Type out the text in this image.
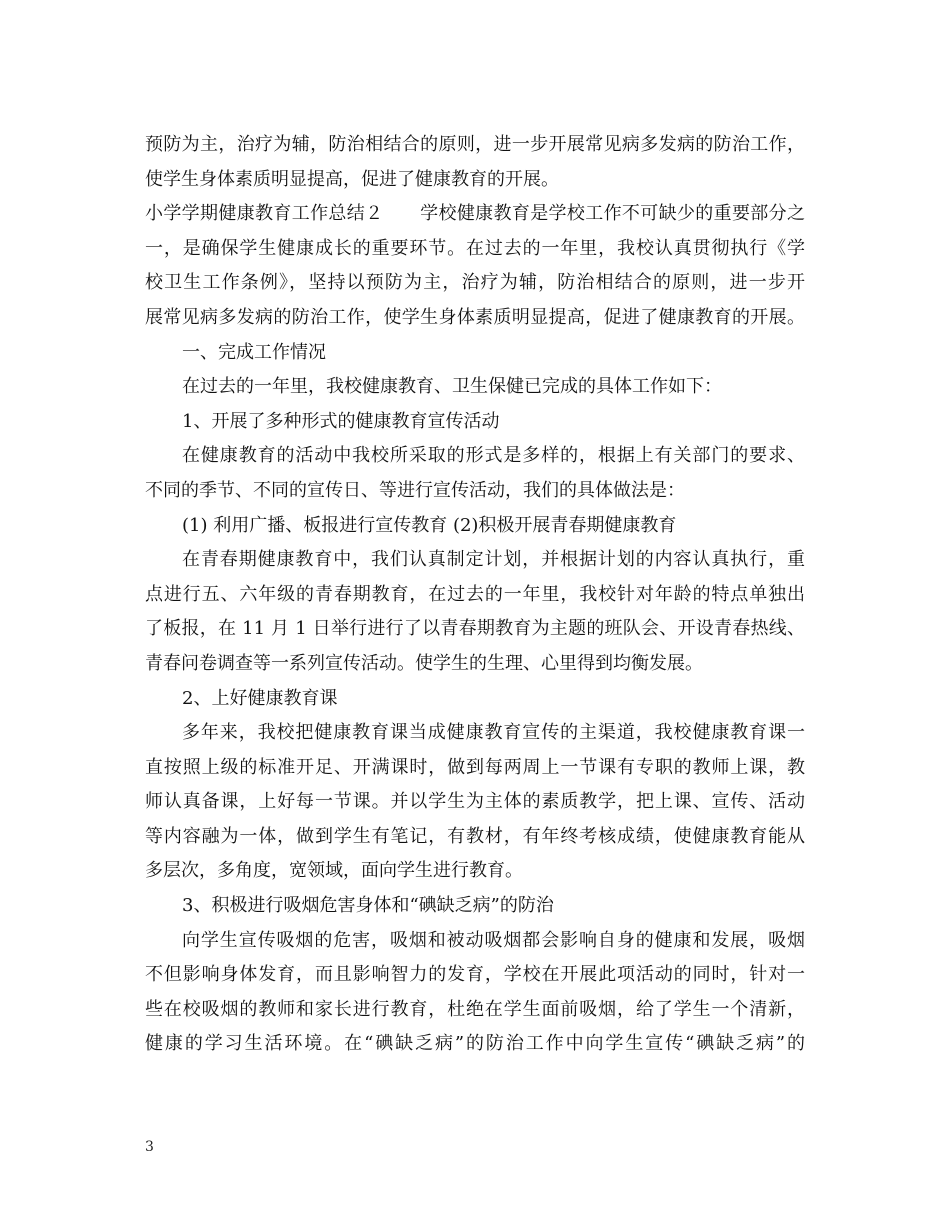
预防为主，治疗为辅，防治相结合的原则，进一步开展常见病多发病的防治工作，
使学生身体素质明显提高，促进了健康教育的开展。
小学学期健康教育工作总结２　　学校健康教育是学校工作不可缺少的重要部分之
一，是确保学生健康成长的重要环节。在过去的一年里，我校认真贯彻执行《学
校卫生工作条例》，坚持以预防为主，治疗为辅，防治相结合的原则，进一步开
展常见病多发病的防治工作，使学生身体素质明显提高，促进了健康教育的开展。
一、完成工作情况
在过去的一年里，我校健康教育、卫生保健已完成的具体工作如下：
1、开展了多种形式的健康教育宣传活动
在健康教育的活动中我校所采取的形式是多样的，根据上有关部门的要求、
不同的季节、不同的宣传日、等进行宣传活动，我们的具体做法是：
(1) 利用广播、板报进行宣传教育 (2)积极开展青春期健康教育
在青春期健康教育中，我们认真制定计划，并根据计划的内容认真执行，重
点进行五、六年级的青春期教育，在过去的一年里，我校针对年龄的特点单独出
了板报，在 11 月 1 日举行进行了以青春期教育为主题的班队会、开设青春热线、
青春问卷调查等一系列宣传活动。使学生的生理、心里得到均衡发展。
2、上好健康教育课
多年来，我校把健康教育课当成健康教育宣传的主渠道，我校健康教育课一
直按照上级的标准开足、开满课时，做到每两周上一节课有专职的教师上课，教
师认真备课，上好每一节课。并以学生为主体的素质教学，把上课、宣传、活动
等内容融为一体，做到学生有笔记，有教材，有年终考核成绩，使健康教育能从
多层次，多角度，宽领域，面向学生进行教育。
3、积极进行吸烟危害身体和“碘缺乏病”的防治
向学生宣传吸烟的危害，吸烟和被动吸烟都会影响自身的健康和发展，吸烟
不但影响身体发育，而且影响智力的发育，学校在开展此项活动的同时，针对一
些在校吸烟的教师和家长进行教育，杜绝在学生面前吸烟，给了学生一个清新，
健康的学习生活环境。在“碘缺乏病”的防治工作中向学生宣传“碘缺乏病”的
3
